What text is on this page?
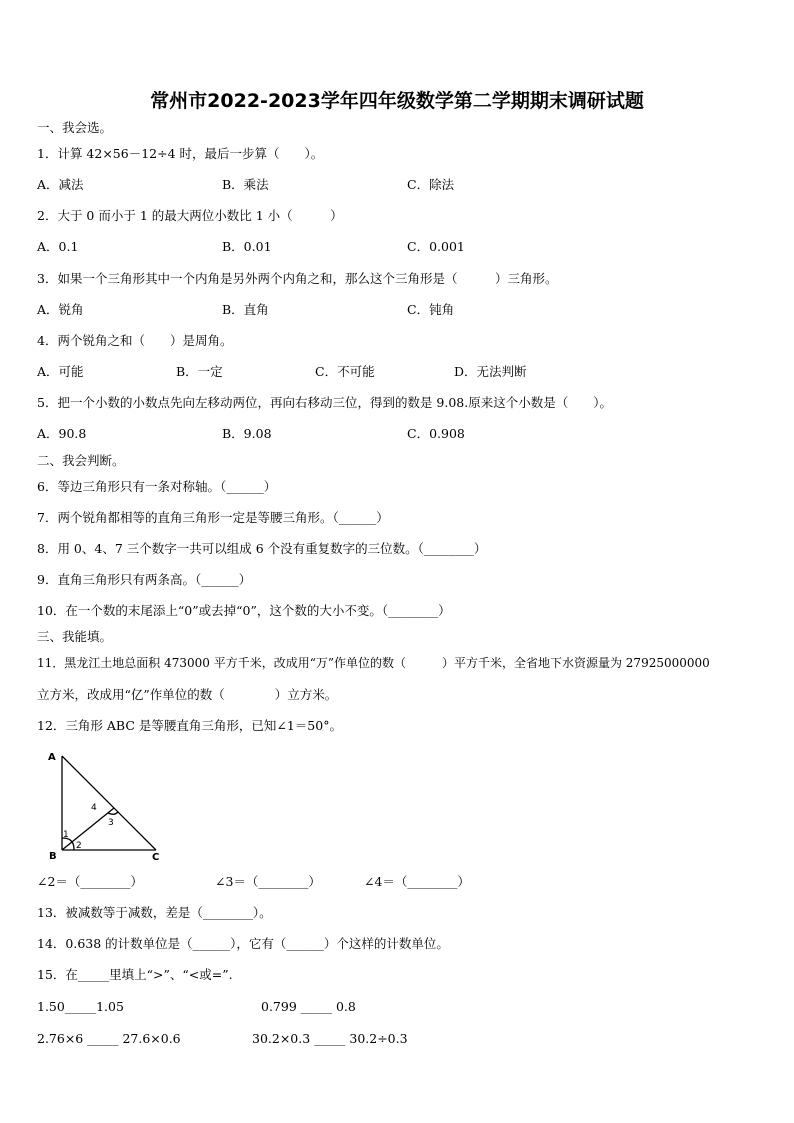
常州市2022-2023学年四年级数学第二学期期末调研试题
一、我会选。
1．计算 42×56－12÷4 时，最后一步算（　　）。
A．减法	B．乘法	C．除法
2．大于 0 而小于 1 的最大两位小数比 1 小（　　　）
A．0.1	B．0.01	C．0.001
3．如果一个三角形其中一个内角是另外两个内角之和，那么这个三角形是（　　　）三角形。
A．锐角	B．直角	C．钝角
4．两个锐角之和（　　）是周角。
A．可能	B．一定	C．不可能	D．无法判断
5．把一个小数的小数点先向左移动两位，再向右移动三位，得到的数是 9.08.原来这个小数是（　　）。
A．90.8	B．9.08	C．0.908
二、我会判断。
6．等边三角形只有一条对称轴。（______）
7．两个锐角都相等的直角三角形一定是等腰三角形。（______）
8．用 0、4、7 三个数字一共可以组成 6 个没有重复数字的三位数。（________）
9．直角三角形只有两条高。（______）
10．在一个数的末尾添上“0”或去掉“0”，这个数的大小不变。（________）
三、我能填。
11．黑龙江土地总面积 473000 平方千米，改成用“万”作单位的数（　　　）平方千米，全省地下水资源量为 27925000000
立方米，改成用“亿”作单位的数（　　　　）立方米。
12．三角形 ABC 是等腰直角三角形，已知∠1＝50°。
A
B	C
1
2
3
4
∠2＝（________）	∠3＝（________）	∠4＝（________）
13．被减数等于减数，差是（________）。
14．0.638 的计数单位是（______），它有（______）个这样的计数单位。
15．在_____里填上“>”、“<或=”.
1.50_____1.05	0.799 _____ 0.8
2.76×6 _____ 27.6×0.6	30.2×0.3 _____ 30.2÷0.3
